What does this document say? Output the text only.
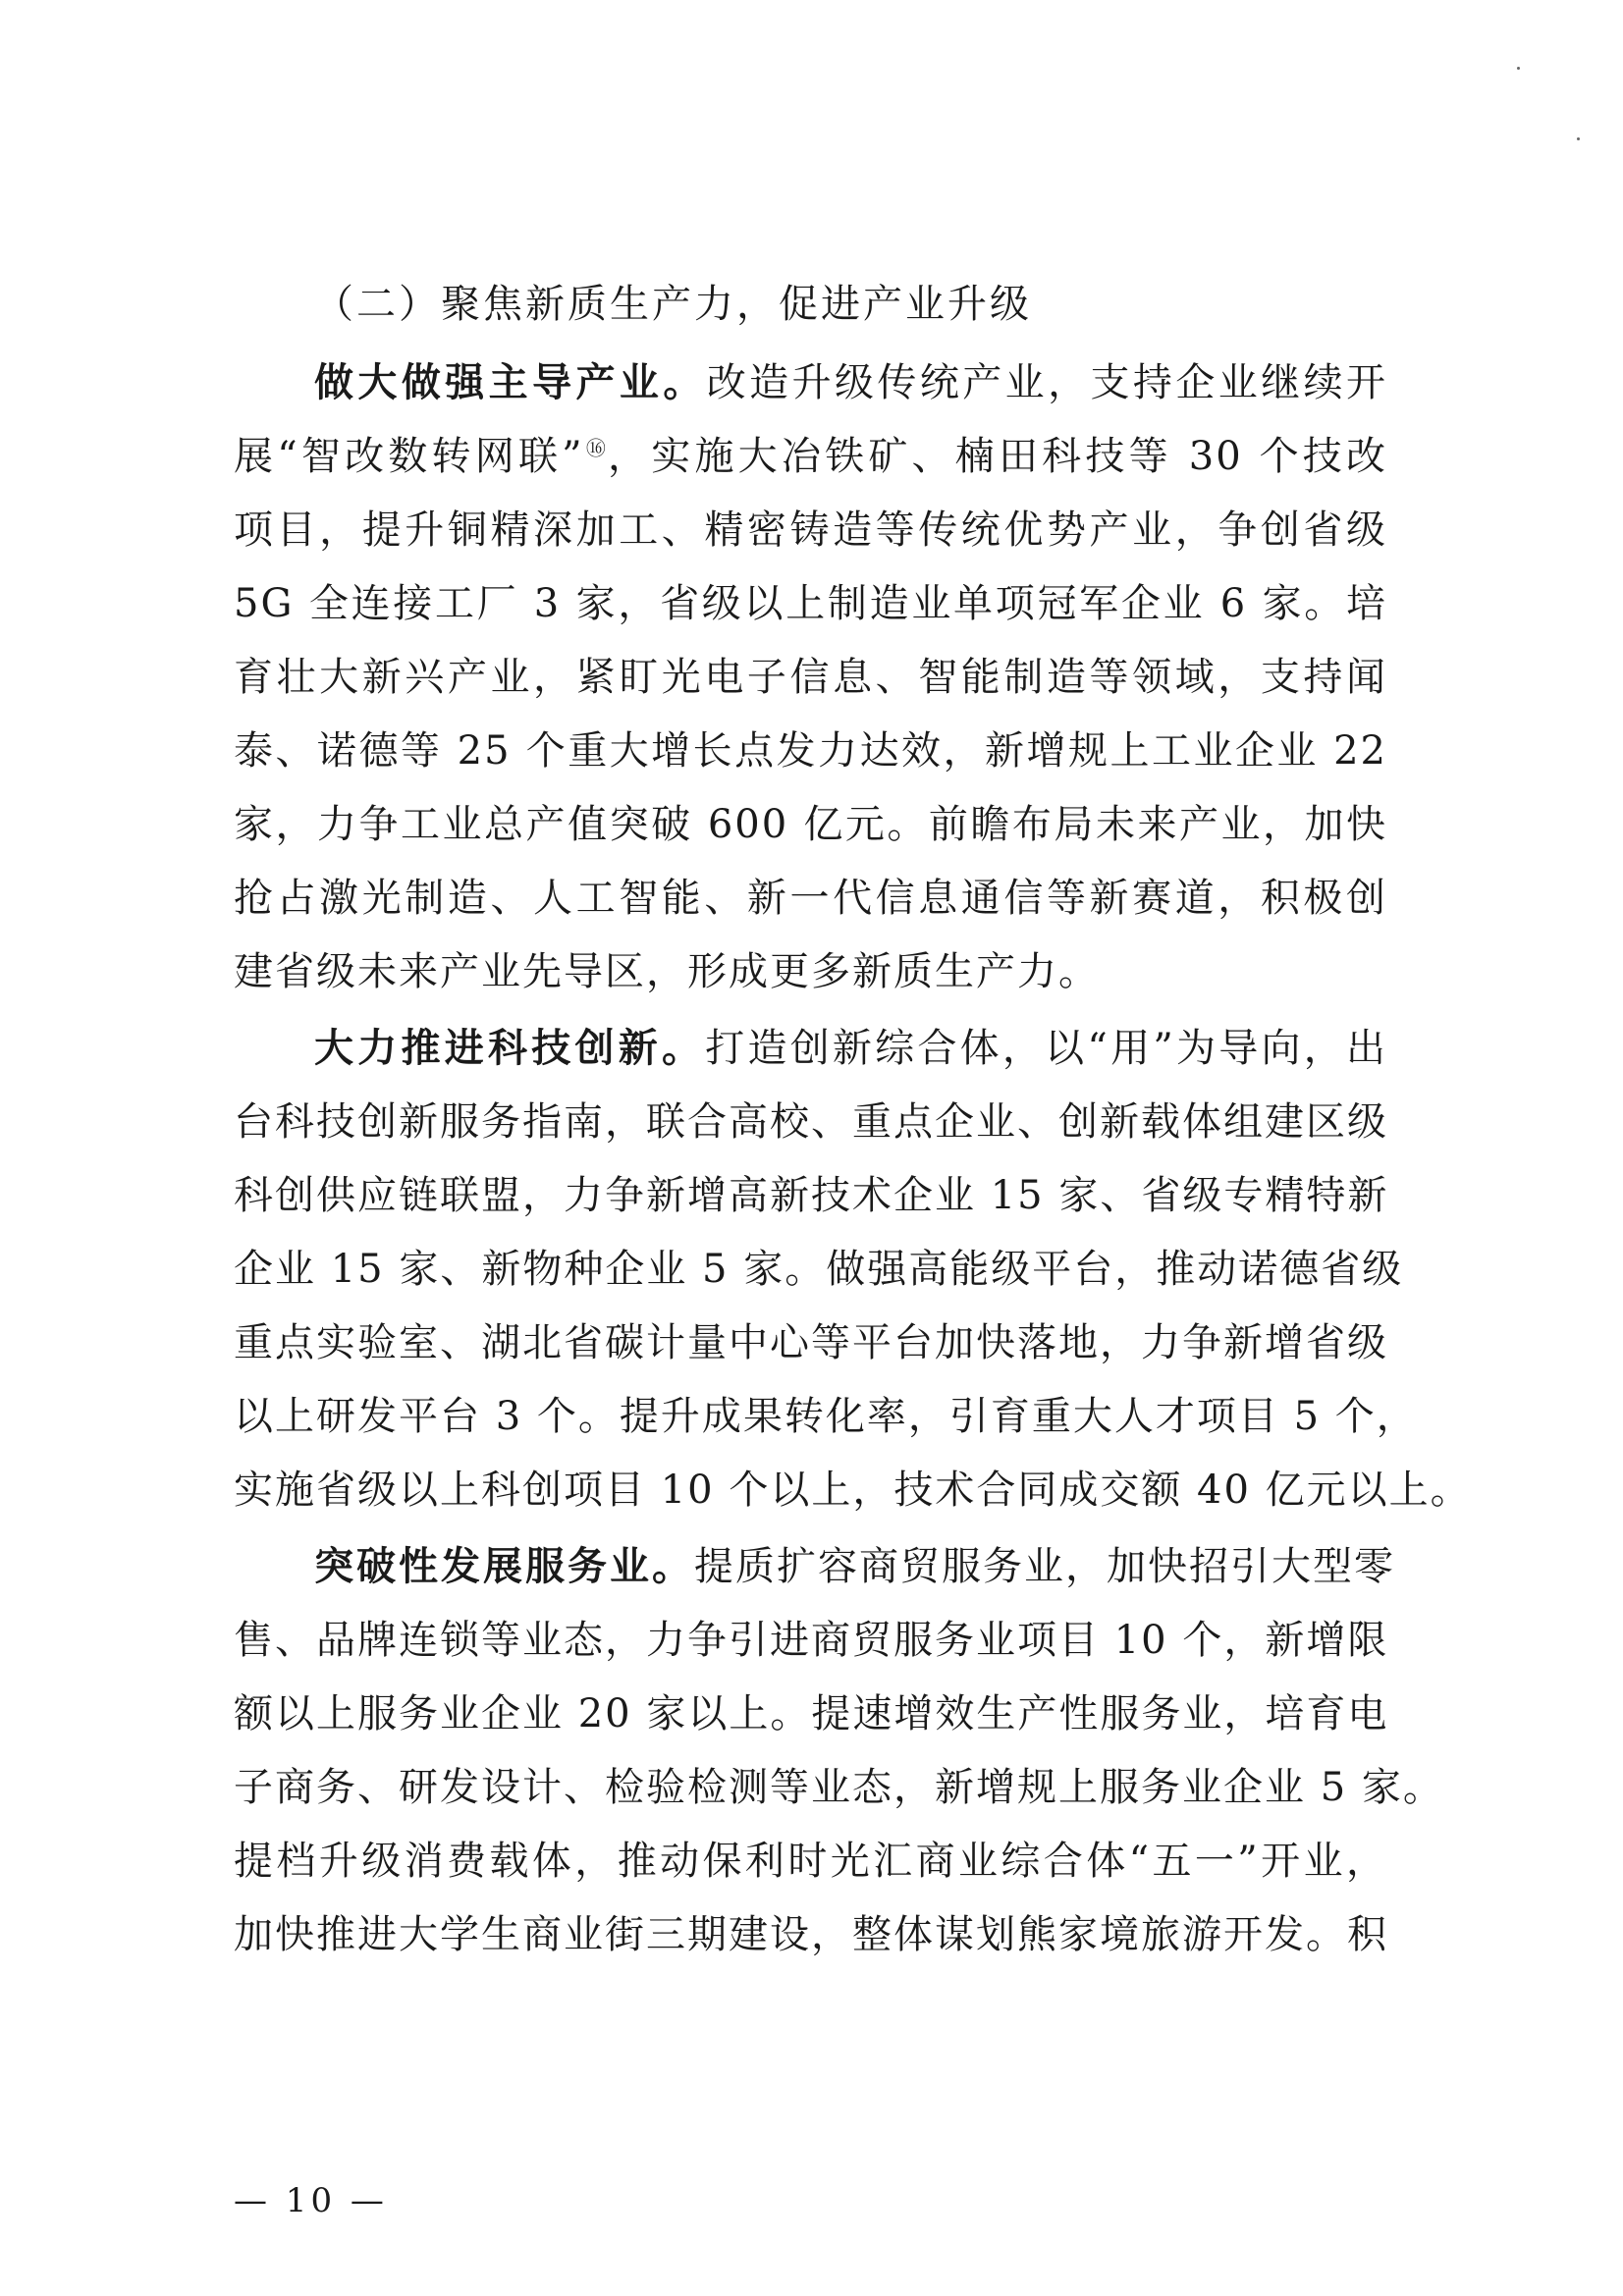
（二）聚焦新质生产力，促进产业升级
做大做强主导产业。改造升级传统产业，支持企业继续开
展“智改数转网联”⑯，实施大冶铁矿、楠田科技等 30 个技改
项目，提升铜精深加工、精密铸造等传统优势产业，争创省级
5G 全连接工厂 3 家，省级以上制造业单项冠军企业 6 家。培
育壮大新兴产业，紧盯光电子信息、智能制造等领域，支持闻
泰、诺德等 25 个重大增长点发力达效，新增规上工业企业 22
家，力争工业总产值突破 600 亿元。前瞻布局未来产业，加快
抢占激光制造、人工智能、新一代信息通信等新赛道，积极创
建省级未来产业先导区，形成更多新质生产力。
大力推进科技创新。打造创新综合体，以“用”为导向，出
台科技创新服务指南，联合高校、重点企业、创新载体组建区级
科创供应链联盟，力争新增高新技术企业 15 家、省级专精特新
企业 15 家、新物种企业 5 家。做强高能级平台，推动诺德省级
重点实验室、湖北省碳计量中心等平台加快落地，力争新增省级
以上研发平台 3 个。提升成果转化率，引育重大人才项目 5 个，
实施省级以上科创项目 10 个以上，技术合同成交额 40 亿元以上。
突破性发展服务业。提质扩容商贸服务业，加快招引大型零
售、品牌连锁等业态，力争引进商贸服务业项目 10 个，新增限
额以上服务业企业 20 家以上。提速增效生产性服务业，培育电
子商务、研发设计、检验检测等业态，新增规上服务业企业 5 家。
提档升级消费载体，推动保利时光汇商业综合体“五一”开业，
加快推进大学生商业街三期建设，整体谋划熊家境旅游开发。积
— 10 —
